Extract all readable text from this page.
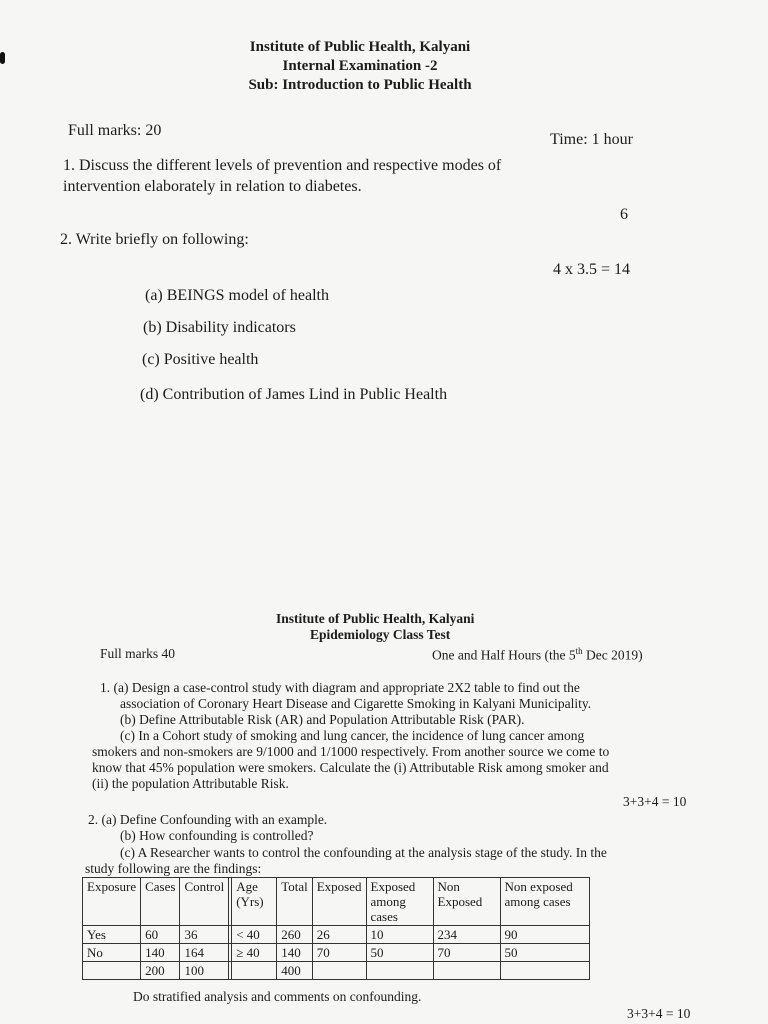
Institute of Public Health, Kalyani
Internal Examination -2
Sub: Introduction to Public Health
Full marks: 20
Time: 1 hour
1. Discuss the different levels of prevention and respective modes of
intervention elaborately in relation to diabetes.
6
2. Write briefly on following:
4 x 3.5 = 14
(a) BEINGS model of health
(b) Disability indicators
(c) Positive health
(d) Contribution of James Lind in Public Health
Institute of Public Health, Kalyani
Epidemiology Class Test
Full marks 40	One and Half Hours (the 5th Dec 2019)
1. (a) Design a case-control study with diagram and appropriate 2X2 table to find out the
association of Coronary Heart Disease and Cigarette Smoking in Kalyani Municipality.
(b) Define Attributable Risk (AR) and Population Attributable Risk (PAR).
(c) In a Cohort study of smoking and lung cancer, the incidence of lung cancer among
smokers and non-smokers are 9/1000 and 1/1000 respectively. From another source we come to
know that 45% population were smokers. Calculate the (i) Attributable Risk among smoker and
(ii) the population Attributable Risk.
3+3+4 = 10
2. (a) Define Confounding with an example.
(b) How confounding is controlled?
(c) A Researcher wants to control the confounding at the analysis stage of the study. In the
study following are the findings:
Exposure	Cases	Control		Age (Yrs)	Total	Exposed	Exposed among cases	Non Exposed	Non exposed among cases
Yes	60	36		< 40	260	26	10	234	90
No	140	164		≥ 40	140	70	50	70	50
	200	100			400				
Do stratified analysis and comments on confounding.
3+3+4 = 10
